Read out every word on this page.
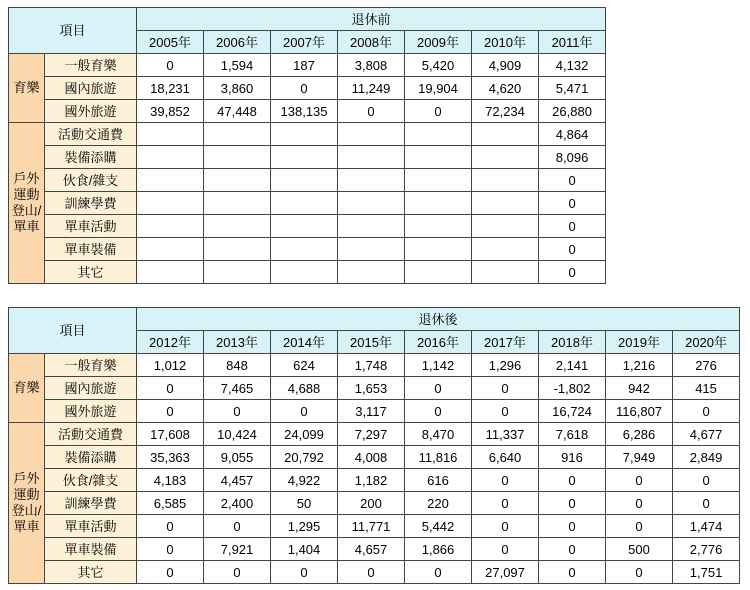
項目		退休前						
		2005年	2006年	2007年	2008年	2009年	2010年	2011年
育樂	一般育樂	0	1,594	187	3,808	5,420	4,909	4,132
	國內旅遊	18,231	3,860	0	11,249	19,904	4,620	5,471
	國外旅遊	39,852	47,448	138,135	0	0	72,234	26,880
戶外運動登山/單車	活動交通費							4,864
	裝備添購							8,096
	伙食/雜支							0
	訓練學費							0
	單車活動							0
	單車裝備							0
	其它							0
項目		退休後								
		2012年	2013年	2014年	2015年	2016年	2017年	2018年	2019年	2020年
育樂	一般育樂	1,012	848	624	1,748	1,142	1,296	2,141	1,216	276
	國內旅遊	0	7,465	4,688	1,653	0	0	-1,802	942	415
	國外旅遊	0	0	0	3,117	0	0	16,724	116,807	0
戶外運動登山/單車	活動交通費	17,608	10,424	24,099	7,297	8,470	11,337	7,618	6,286	4,677
	裝備添購	35,363	9,055	20,792	4,008	11,816	6,640	916	7,949	2,849
	伙食/雜支	4,183	4,457	4,922	1,182	616	0	0	0	0
	訓練學費	6,585	2,400	50	200	220	0	0	0	0
	單車活動	0	0	1,295	11,771	5,442	0	0	0	1,474
	單車裝備	0	7,921	1,404	4,657	1,866	0	0	500	2,776
	其它	0	0	0	0	0	27,097	0	0	1,751
